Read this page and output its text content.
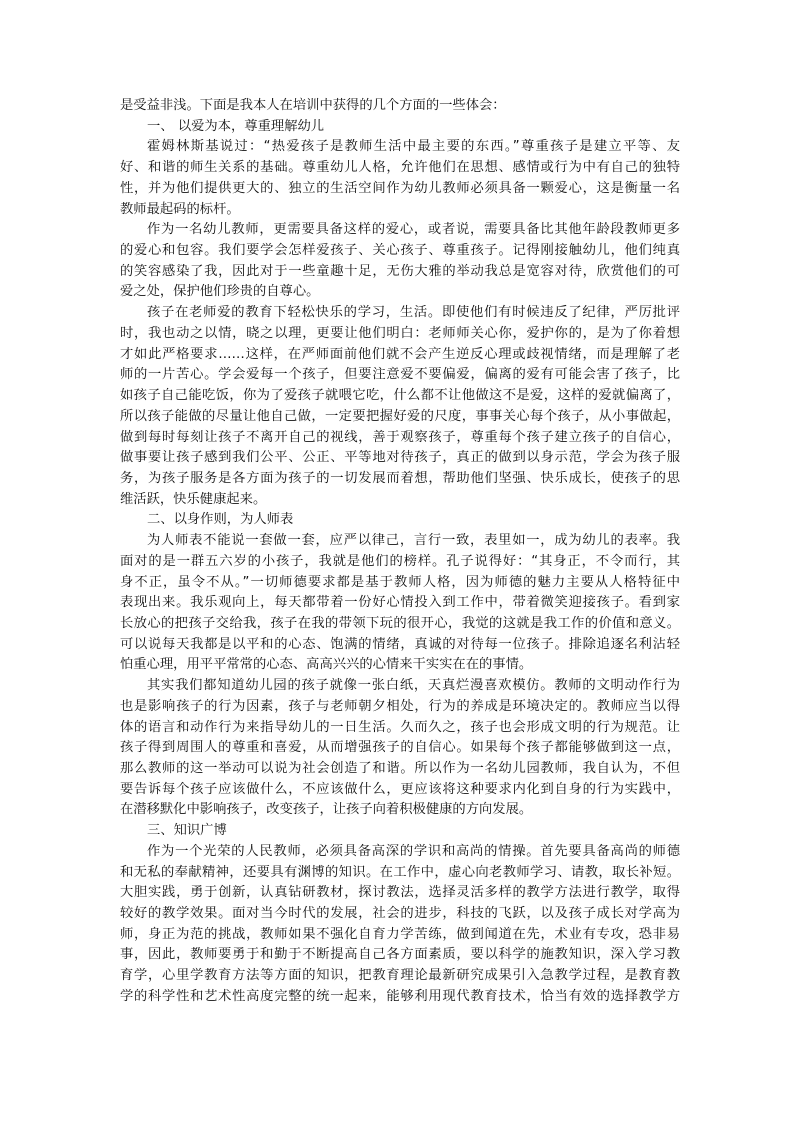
是受益非浅。下面是我本人在培训中获得的几个方面的一些体会：
一、 以爱为本，尊重理解幼儿
霍姆林斯基说过：“热爱孩子是教师生活中最主要的东西。”尊重孩子是建立平等、友
好、和谐的师生关系的基础。尊重幼儿人格，允许他们在思想、感情或行为中有自己的独特
性，并为他们提供更大的、独立的生活空间作为幼儿教师必须具备一颗爱心，这是衡量一名
教师最起码的标杆。
作为一名幼儿教师，更需要具备这样的爱心，或者说，需要具备比其他年龄段教师更多
的爱心和包容。我们要学会怎样爱孩子、关心孩子、尊重孩子。记得刚接触幼儿，他们纯真
的笑容感染了我，因此对于一些童趣十足，无伤大雅的举动我总是宽容对待，欣赏他们的可
爱之处，保护他们珍贵的自尊心。
孩子在老师爱的教育下轻松快乐的学习，生活。即使他们有时候违反了纪律，严厉批评
时，我也动之以情，晓之以理，更要让他们明白：老师师关心你，爱护你的，是为了你着想
才如此严格要求……这样，在严师面前他们就不会产生逆反心理或歧视情绪，而是理解了老
师的一片苦心。学会爱每一个孩子，但要注意爱不要偏爱，偏离的爱有可能会害了孩子，比
如孩子自己能吃饭，你为了爱孩子就喂它吃，什么都不让他做这不是爱，这样的爱就偏离了，
所以孩子能做的尽量让他自己做，一定要把握好爱的尺度，事事关心每个孩子，从小事做起，
做到每时每刻让孩子不离开自己的视线，善于观察孩子，尊重每个孩子建立孩子的自信心，
做事要让孩子感到我们公平、公正、平等地对待孩子，真正的做到以身示范，学会为孩子服
务，为孩子服务是各方面为孩子的一切发展而着想，帮助他们坚强、快乐成长，使孩子的思
维活跃，快乐健康起来。
二、以身作则，为人师表
为人师表不能说一套做一套，应严以律己，言行一致，表里如一，成为幼儿的表率。我
面对的是一群五六岁的小孩子，我就是他们的榜样。孔子说得好：“其身正，不令而行，其
身不正，虽令不从。”一切师德要求都是基于教师人格，因为师德的魅力主要从人格特征中
表现出来。我乐观向上，每天都带着一份好心情投入到工作中，带着微笑迎接孩子。看到家
长放心的把孩子交给我，孩子在我的带领下玩的很开心，我觉的这就是我工作的价值和意义。
可以说每天我都是以平和的心态、饱满的情绪，真诚的对待每一位孩子。排除追逐名利沾轻
怕重心理，用平平常常的心态、高高兴兴的心情来干实实在在的事情。
其实我们都知道幼儿园的孩子就像一张白纸，天真烂漫喜欢模仿。教师的文明动作行为
也是影响孩子的行为因素，孩子与老师朝夕相处，行为的养成是环境决定的。教师应当以得
体的语言和动作行为来指导幼儿的一日生活。久而久之，孩子也会形成文明的行为规范。让
孩子得到周围人的尊重和喜爱，从而增强孩子的自信心。如果每个孩子都能够做到这一点，
那么教师的这一举动可以说为社会创造了和谐。所以作为一名幼儿园教师，我自认为，不但
要告诉每个孩子应该做什么，不应该做什么，更应该将这种要求内化到自身的行为实践中，
在潜移默化中影响孩子，改变孩子，让孩子向着积极健康的方向发展。
三、知识广博
作为一个光荣的人民教师，必须具备高深的学识和高尚的情操。首先要具备高尚的师德
和无私的奉献精神，还要具有渊博的知识。在工作中，虚心向老教师学习、请教，取长补短。
大胆实践，勇于创新，认真钻研教材，探讨教法，选择灵活多样的教学方法进行教学，取得
较好的教学效果。面对当今时代的发展，社会的进步，科技的飞跃，以及孩子成长对学高为
师，身正为范的挑战，教师如果不强化自育力学苦练，做到闻道在先，术业有专攻，恐非易
事，因此，教师要勇于和勤于不断提高自己各方面素质，要以科学的施教知识，深入学习教
育学，心里学教育方法等方面的知识，把教育理论最新研究成果引入急教学过程，是教育教
学的科学性和艺术性高度完整的统一起来，能够利用现代教育技术，恰当有效的选择教学方
